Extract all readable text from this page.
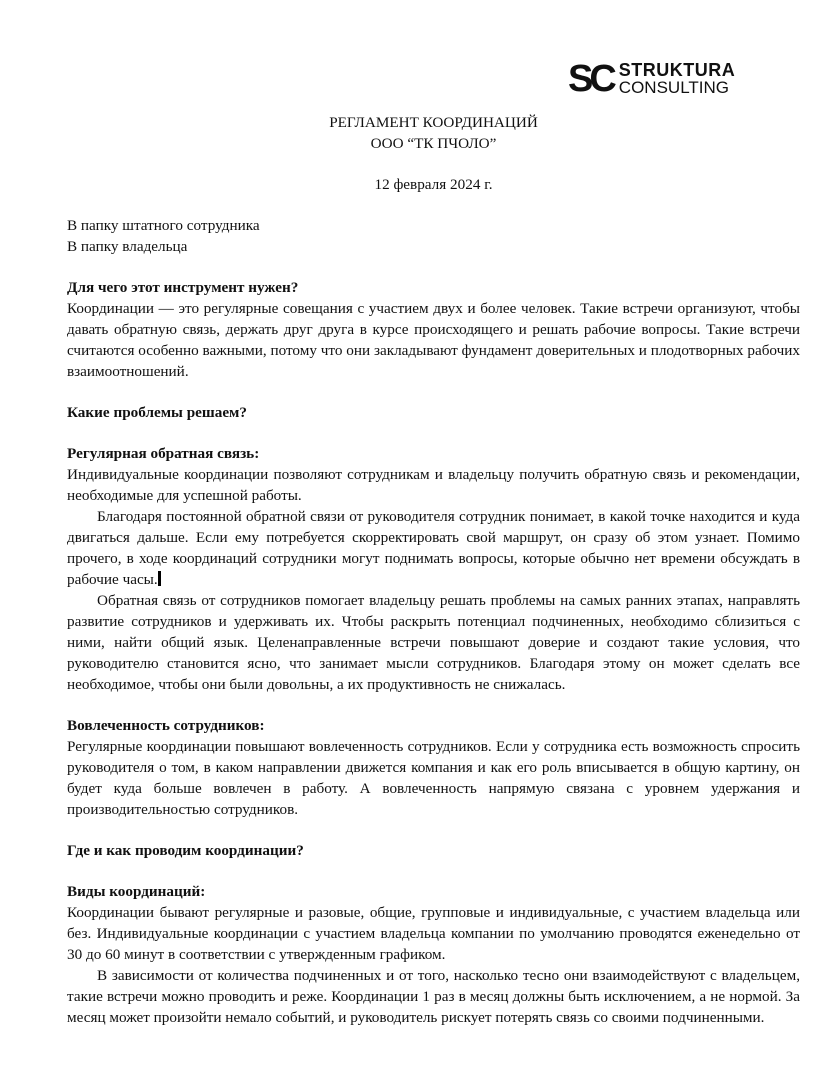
SC STRUKTURA
CONSULTING
РЕГЛАМЕНТ КООРДИНАЦИЙ
ООО “ТК ПЧОЛО”
12 февраля 2024 г.
В папку штатного сотрудника
В папку владельца
Для чего этот инструмент нужен?

Координации — это регулярные совещания с участием двух и более человек. Такие встречи организуют, чтобы давать обратную связь, держать друг друга в курсе происходящего и решать рабочие вопросы. Такие встречи считаются особенно важными, потому что они закладывают фундамент доверительных и плодотворных рабочих взаимоотношений.

Какие проблемы решаем?
Регулярная обратная связь:

Индивидуальные координации позволяют сотрудникам и владельцу получить обратную связь и рекомендации, необходимые для успешной работы.

Благодаря постоянной обратной связи от руководителя сотрудник понимает, в какой точке находится и куда двигаться дальше. Если ему потребуется скорректировать свой маршрут, он сразу об этом узнает. Помимо прочего, в ходе координаций сотрудники могут поднимать вопросы, которые обычно нет времени обсуждать в рабочие часы.

Обратная связь от сотрудников помогает владельцу решать проблемы на самых ранних этапах, направлять развитие сотрудников и удерживать их. Чтобы раскрыть потенциал подчиненных, необходимо сблизиться с ними, найти общий язык. Целенаправленные встречи повышают доверие и создают такие условия, что руководителю становится ясно, что занимает мысли сотрудников. Благодаря этому он может сделать все необходимое, чтобы они были довольны, а их продуктивность не снижалась.

Вовлеченность сотрудников:

Регулярные координации повышают вовлеченность сотрудников. Если у сотрудника есть возможность спросить руководителя о том, в каком направлении движется компания и как его роль вписывается в общую картину, он будет куда больше вовлечен в работу. А вовлеченность напрямую связана с уровнем удержания и производительностью сотрудников.

Где и как проводим координации?
Виды координаций:

Координации бывают регулярные и разовые, общие, групповые и индивидуальные, с участием владельца или без. Индивидуальные координации с участием владельца компании по умолчанию проводятся еженедельно от 30 до 60 минут в соответствии с утвержденным графиком.

В зависимости от количества подчиненных и от того, насколько тесно они взаимодействуют с владельцем, такие встречи можно проводить и реже. Координации 1 раз в месяц должны быть исключением, а не нормой. За месяц может произойти немало событий, и руководитель рискует потерять связь со своими подчиненными.
